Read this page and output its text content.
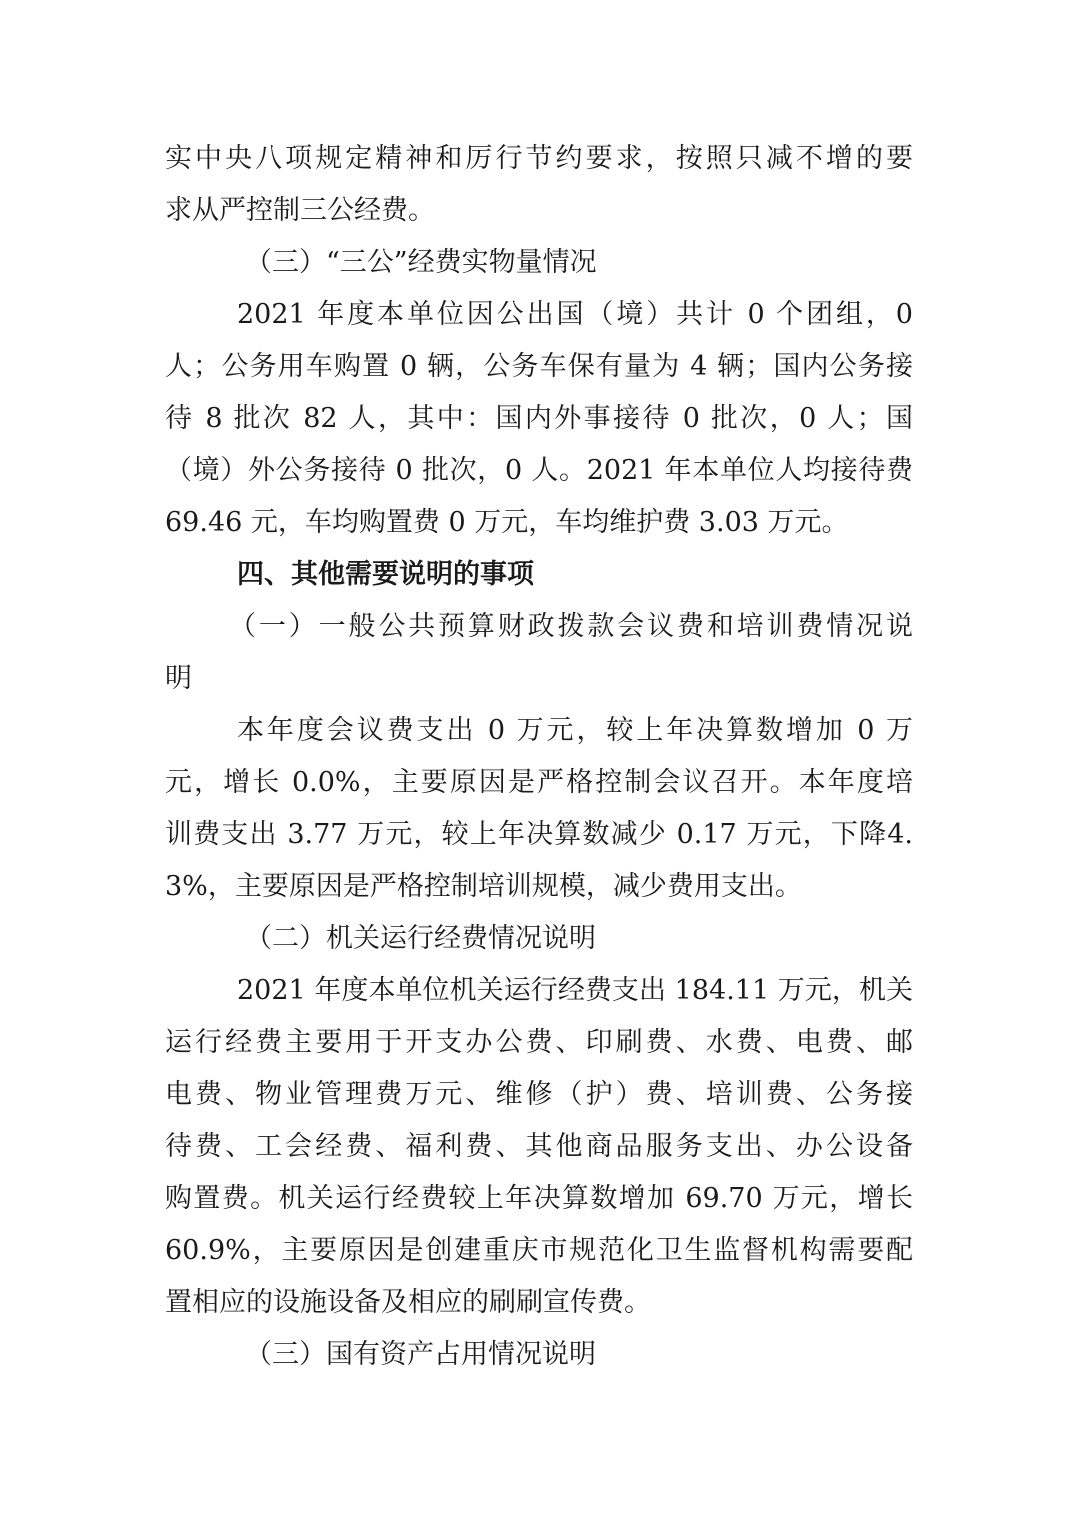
实中央八项规定精神和厉行节约要求，按照只减不增的要
求从严控制三公经费。
（三）“三公”经费实物量情况
2021 年度本单位因公出国（境）共计 0 个团组，0
人；公务用车购置 0 辆，公务车保有量为 4 辆；国内公务接
待 8 批次 82 人，其中：国内外事接待 0 批次，0 人；国
（境）外公务接待 0 批次，0 人。2021 年本单位人均接待费
69.46 元，车均购置费 0 万元，车均维护费 3.03 万元。
四、其他需要说明的事项
（一）一般公共预算财政拨款会议费和培训费情况说
明
本年度会议费支出 0 万元，较上年决算数增加 0 万
元，增长 0.0%，主要原因是严格控制会议召开。本年度培
训费支出 3.77 万元，较上年决算数减少 0.17 万元，下降4.
3%，主要原因是严格控制培训规模，减少费用支出。
（二）机关运行经费情况说明
2021 年度本单位机关运行经费支出 184.11 万元，机关
运行经费主要用于开支办公费、印刷费、水费、电费、邮
电费、物业管理费万元、维修（护）费、培训费、公务接
待费、工会经费、福利费、其他商品服务支出、办公设备
购置费。机关运行经费较上年决算数增加 69.70 万元，增长
60.9%，主要原因是创建重庆市规范化卫生监督机构需要配
置相应的设施设备及相应的刷刷宣传费。
（三）国有资产占用情况说明
